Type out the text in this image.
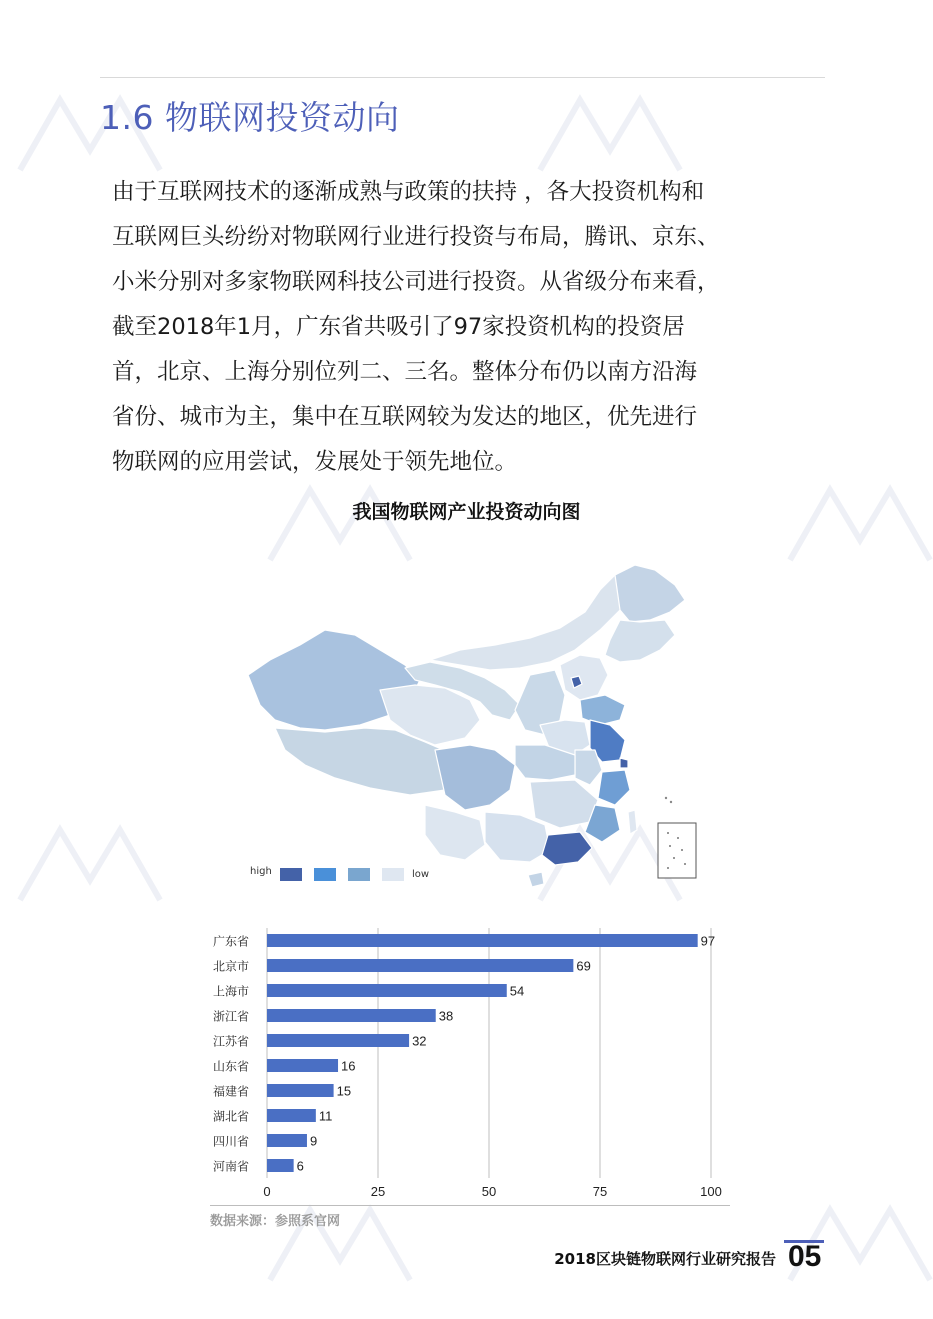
1.6 物联网投资动向
由于互联网技术的逐渐成熟与政策的扶持 ，各大投资机构和
互联网巨头纷纷对物联网行业进行投资与布局，腾讯、京东、
小米分别对多家物联网科技公司进行投资。从省级分布来看，
截至2018年1月，广东省共吸引了97家投资机构的投资居
首，北京、上海分别位列二、三名。整体分布仍以南方沿海
省份、城市为主，集中在互联网较为发达的地区，优先进行
物联网的应用尝试，发展处于领先地位。
我国物联网产业投资动向图
high	low
0	25	50	75	100
广东省	97
北京市	69
上海市	54
浙江省	38
江苏省	32
山东省	16
福建省	15
湖北省	11
四川省	9
河南省	6
数据来源：参照系官网
2018区块链物联网行业研究报告 05
